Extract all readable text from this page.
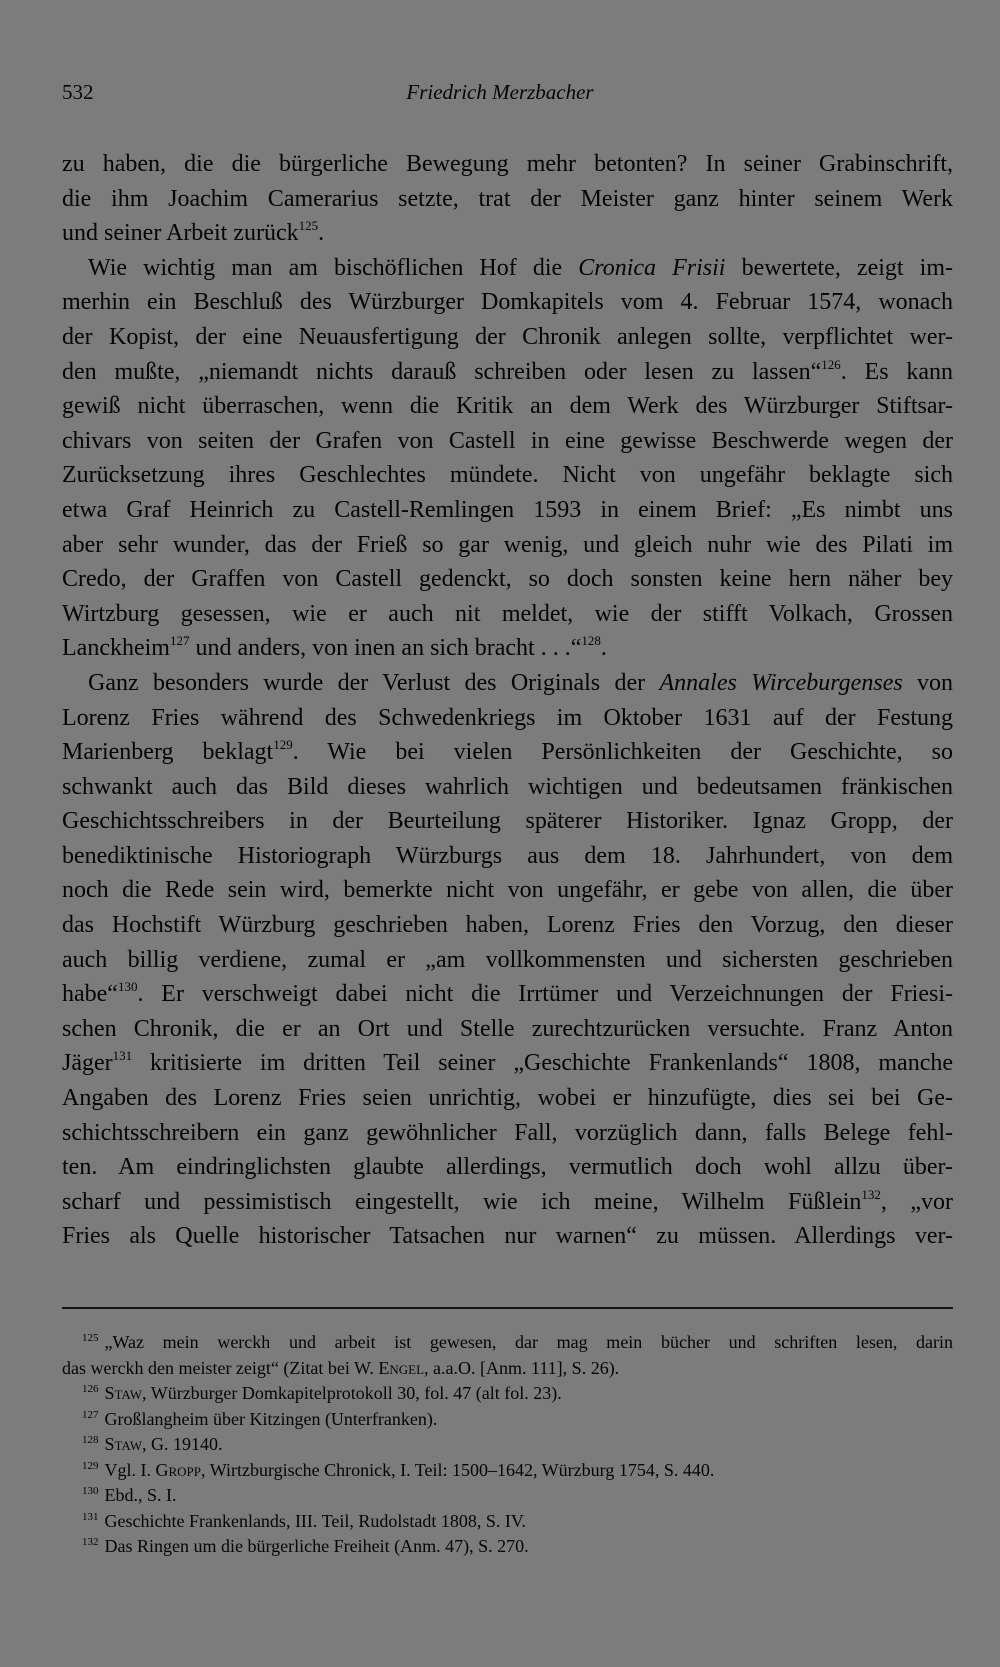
532	Friedrich Merzbacher
zu haben, die die bürgerliche Bewegung mehr betonten? In seiner Grabinschrift,
die ihm Joachim Camerarius setzte, trat der Meister ganz hinter seinem Werk
und seiner Arbeit zurück$^{125}$.
Wie wichtig man am bischöflichen Hof die Cronica Frisii bewertete, zeigt im-
merhin ein Beschluß des Würzburger Domkapitels vom 4. Februar 1574, wonach
der Kopist, der eine Neuausfertigung der Chronik anlegen sollte, verpflichtet wer-
den mußte, „niemandt nichts darauß schreiben oder lesen zu lassen“$^{126}$. Es kann
gewiß nicht überraschen, wenn die Kritik an dem Werk des Würzburger Stiftsar-
chivars von seiten der Grafen von Castell in eine gewisse Beschwerde wegen der
Zurücksetzung ihres Geschlechtes mündete. Nicht von ungefähr beklagte sich
etwa Graf Heinrich zu Castell-Remlingen 1593 in einem Brief: „Es nimbt uns
aber sehr wunder, das der Frieß so gar wenig, und gleich nuhr wie des Pilati im
Credo, der Graffen von Castell gedenckt, so doch sonsten keine hern näher bey
Wirtzburg gesessen, wie er auch nit meldet, wie der stifft Volkach, Grossen
Lanckheim$^{127}$ und anders, von inen an sich bracht . . .“$^{128}$.
Ganz besonders wurde der Verlust des Originals der Annales Wirceburgenses von
Lorenz Fries während des Schwedenkriegs im Oktober 1631 auf der Festung
Marienberg beklagt$^{129}$. Wie bei vielen Persönlichkeiten der Geschichte, so
schwankt auch das Bild dieses wahrlich wichtigen und bedeutsamen fränkischen
Geschichtsschreibers in der Beurteilung späterer Historiker. Ignaz Gropp, der
benediktinische Historiograph Würzburgs aus dem 18. Jahrhundert, von dem
noch die Rede sein wird, bemerkte nicht von ungefähr, er gebe von allen, die über
das Hochstift Würzburg geschrieben haben, Lorenz Fries den Vorzug, den dieser
auch billig verdiene, zumal er „am vollkommensten und sichersten geschrieben
habe“$^{130}$. Er verschweigt dabei nicht die Irrtümer und Verzeichnungen der Friesi-
schen Chronik, die er an Ort und Stelle zurechtzurücken versuchte. Franz Anton
Jäger$^{131}$ kritisierte im dritten Teil seiner „Geschichte Frankenlands“ 1808, manche
Angaben des Lorenz Fries seien unrichtig, wobei er hinzufügte, dies sei bei Ge-
schichtsschreibern ein ganz gewöhnlicher Fall, vorzüglich dann, falls Belege fehl-
ten. Am eindringlichsten glaubte allerdings, vermutlich doch wohl allzu über-
scharf und pessimistisch eingestellt, wie ich meine, Wilhelm Füßlein$^{132}$, „vor
Fries als Quelle historischer Tatsachen nur warnen“ zu müssen. Allerdings ver-
$^{125}$ „Waz mein werckh und arbeit ist gewesen, dar mag mein bücher und schriften lesen, darin
das werckh den meister zeigt“ (Zitat bei W. Engel, a.a.O. [Anm. 111], S. 26).
$^{126}$ Staw, Würzburger Domkapitelprotokoll 30, fol. 47 (alt fol. 23).
$^{127}$ Großlangheim über Kitzingen (Unterfranken).
$^{128}$ Staw, G. 19140.
$^{129}$ Vgl. I. Gropp, Wirtzburgische Chronick, I. Teil: 1500–1642, Würzburg 1754, S. 440.
$^{130}$ Ebd., S. I.
$^{131}$ Geschichte Frankenlands, III. Teil, Rudolstadt 1808, S. IV.
$^{132}$ Das Ringen um die bürgerliche Freiheit (Anm. 47), S. 270.
